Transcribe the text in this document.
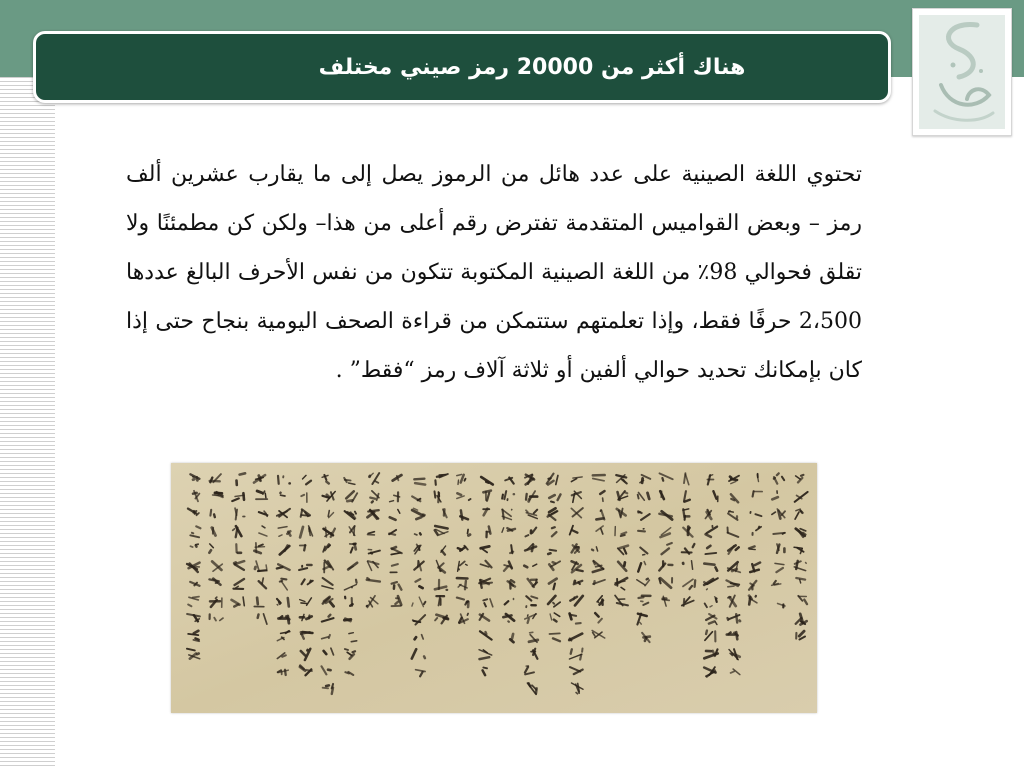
هناك أكثر من 20000 رمز صيني مختلف
تحتوي اللغة الصينية على عدد هائل من الرموز يصل إلى ما يقارب عشرين ألف رمز – وبعض القواميس المتقدمة تفترض رقم أعلى من هذا– ولكن كن مطمئنًا ولا تقلق فحوالي 98٪ من اللغة الصينية المكتوبة تتكون من نفس الأحرف البالغ عددها 2،500 حرفًا فقط، وإذا تعلمتهم ستتمكن من قراءة الصحف اليومية بنجاح حتى إذا كان بإمكانك تحديد حوالي ألفين أو ثلاثة آلاف رمز “فقط” .
